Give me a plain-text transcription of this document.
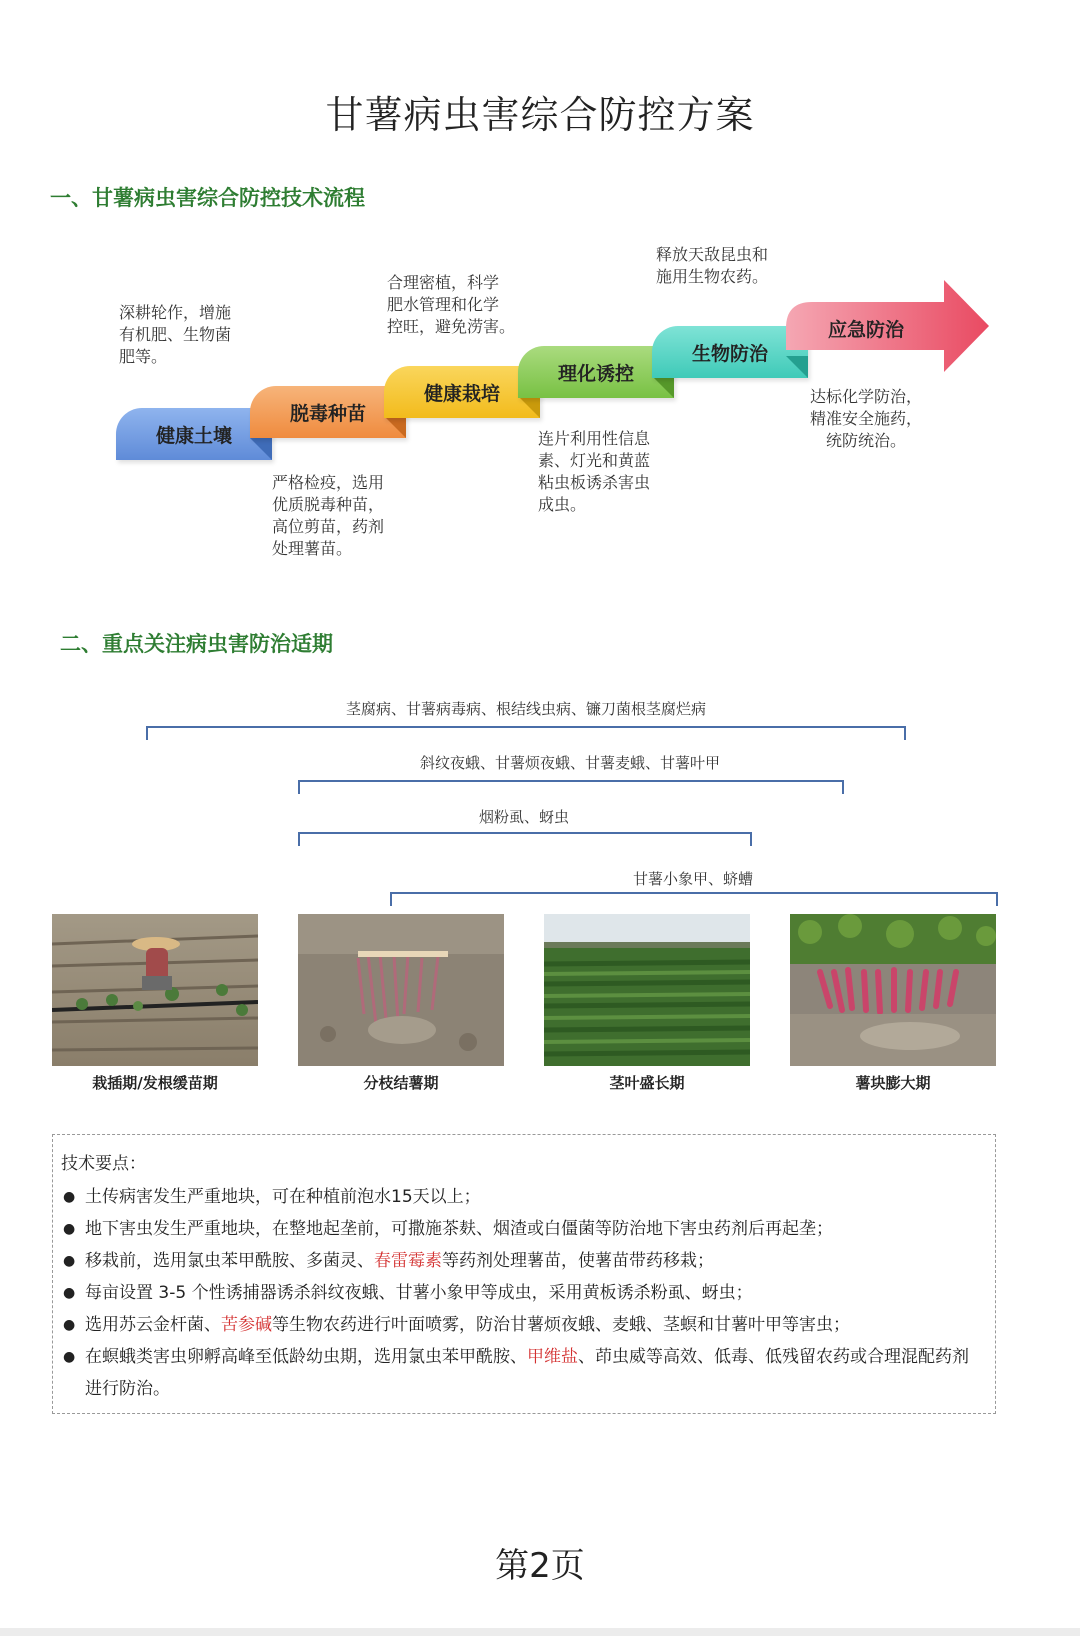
甘薯病虫害综合防控方案
一、甘薯病虫害综合防控技术流程
深耕轮作，增施
有机肥、生物菌
肥等。
严格检疫，选用
优质脱毒种苗，
高位剪苗，药剂
处理薯苗。
合理密植，科学
肥水管理和化学
控旺，避免涝害。
连片利用性信息
素、灯光和黄蓝
粘虫板诱杀害虫
成虫。
释放天敌昆虫和
施用生物农药。
达标化学防治，
精准安全施药，
统防统治。
健康土壤
脱毒种苗
健康栽培
理化诱控
生物防治
应急防治
二、重点关注病虫害防治适期
茎腐病、甘薯病毒病、根结线虫病、镰刀菌根茎腐烂病
斜纹夜蛾、甘薯烦夜蛾、甘薯麦蛾、甘薯叶甲
烟粉虱、蚜虫
甘薯小象甲、蛴螬
栽插期/发根缓苗期	分枝结薯期	茎叶盛长期	薯块膨大期
技术要点：
● 土传病害发生严重地块，可在种植前泡水15天以上；
● 地下害虫发生严重地块，在整地起垄前，可撒施茶麸、烟渣或白僵菌等防治地下害虫药剂后再起垄；
● 移栽前，选用氯虫苯甲酰胺、多菌灵、春雷霉素等药剂处理薯苗，使薯苗带药移栽；
● 每亩设置 3-5 个性诱捕器诱杀斜纹夜蛾、甘薯小象甲等成虫，采用黄板诱杀粉虱、蚜虫；
● 选用苏云金杆菌、苦参碱等生物农药进行叶面喷雾，防治甘薯烦夜蛾、麦蛾、茎螟和甘薯叶甲等害虫；
● 在螟蛾类害虫卵孵高峰至低龄幼虫期，选用氯虫苯甲酰胺、甲维盐、茚虫威等高效、低毒、低残留农药或合理混配药剂进行防治。
第2页
